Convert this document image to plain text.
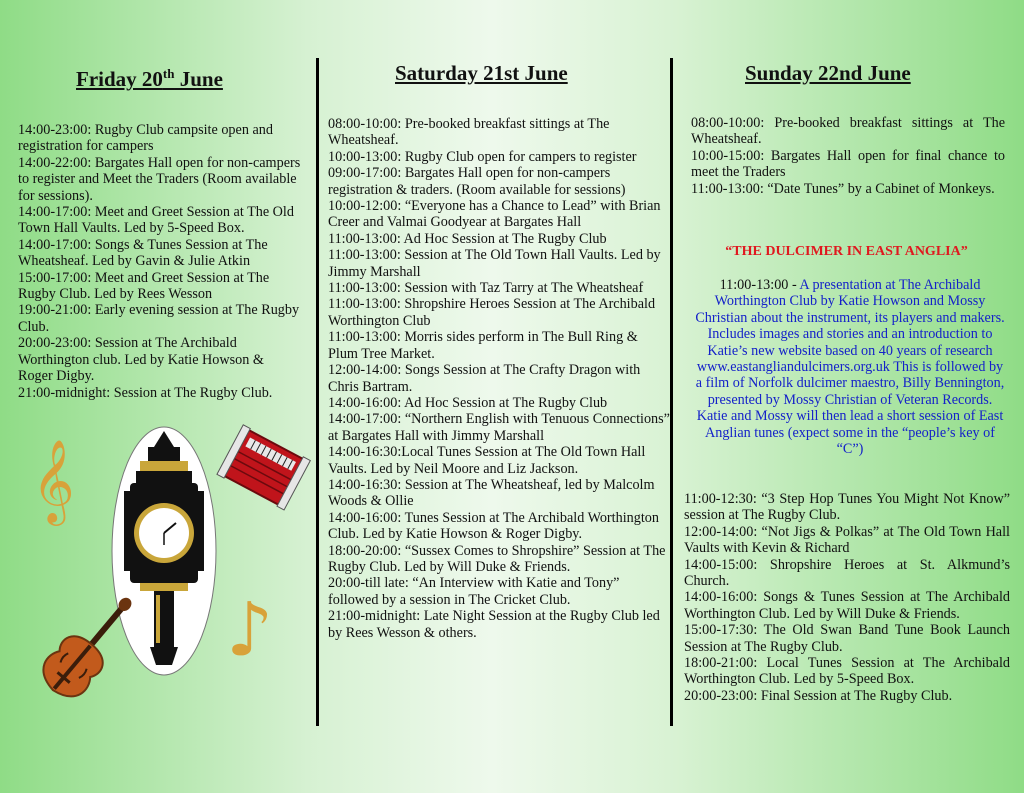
Friday 20th June
14:00-23:00: Rugby Club campsite open and registration for campers
14:00-22:00: Bargates Hall open for non-campers to register and Meet the Traders (Room available for sessions).
14:00-17:00: Meet and Greet Session at The Old Town Hall Vaults. Led by 5-Speed Box.
14:00-17:00: Songs & Tunes Session at The Wheatsheaf. Led by Gavin & Julie Atkin
15:00-17:00: Meet and Greet Session at The Rugby Club. Led by Rees Wesson
19:00-21:00: Early evening session at The Rugby Club.
20:00-23:00: Session at The Archibald Worthington club. Led by Katie Howson & Roger Digby.
21:00-midnight: Session at The Rugby Club.
Saturday 21st June
08:00-10:00: Pre-booked breakfast sittings at The Wheatsheaf.
10:00-13:00: Rugby Club open for campers to register
09:00-17:00: Bargates Hall open for non-campers registration & traders. (Room available for sessions)
10:00-12:00: “Everyone has a Chance to Lead” with Brian Creer and Valmai Goodyear at Bargates Hall
11:00-13:00: Ad Hoc Session at The Rugby Club
11:00-13:00: Session at The Old Town Hall Vaults. Led by Jimmy Marshall
11:00-13:00: Session with Taz Tarry at The Wheatsheaf
11:00-13:00: Shropshire Heroes Session at The Archibald Worthington Club
11:00-13:00: Morris sides perform in The Bull Ring & Plum Tree Market.
12:00-14:00: Songs Session at The Crafty Dragon with Chris Bartram.
14:00-16:00: Ad Hoc Session at The Rugby Club
14:00-17:00: “Northern English with Tenuous Connections” at Bargates Hall with Jimmy Marshall
14:00-16:30:Local Tunes Session at The Old Town Hall Vaults. Led by Neil Moore and Liz Jackson.
14:00-16:30: Session at The Wheatsheaf, led by Malcolm Woods & Ollie
14:00-16:00: Tunes Session at The Archibald Worthington Club. Led by Katie Howson & Roger Digby.
18:00-20:00: “Sussex Comes to Shropshire” Session at The Rugby Club. Led by Will Duke & Friends.
20:00-till late: “An Interview with Katie and Tony” followed by a session in The Cricket Club.
21:00-midnight: Late Night Session at the Rugby Club led by Rees Wesson & others.
Sunday 22nd June
08:00-10:00: Pre-booked breakfast sittings at The Wheatsheaf.
10:00-15:00: Bargates Hall open for final chance to meet the Traders
11:00-13:00: “Date Tunes” by a Cabinet of Monkeys.
“THE DULCIMER IN EAST ANGLIA”
11:00-13:00 - A presentation at The Archibald Worthington Club by Katie Howson and Mossy Christian about the instrument, its players and makers. Includes images and stories and an introduction to Katie’s new website based on 40 years of research www.eastangliandulcimers.org.uk This is followed by a film of Norfolk dulcimer maestro, Billy Bennington, presented by Mossy Christian of Veteran Records.
Katie and Mossy will then lead a short session of East Anglian tunes (expect some in the “people’s key of “C”)
11:00-12:30: “3 Step Hop Tunes You Might Not Know” session at The Rugby Club.
12:00-14:00: “Not Jigs & Polkas” at The Old Town Hall Vaults with Kevin & Richard
14:00-15:00: Shropshire Heroes at St. Alkmund’s Church.
14:00-16:00: Songs & Tunes Session at The Archibald Worthington Club. Led by Will Duke & Friends.
15:00-17:30: The Old Swan Band Tune Book Launch Session at The Rugby Club.
18:00-21:00: Local Tunes Session at The Archibald Worthington Club. Led by 5-Speed Box.
20:00-23:00: Final Session at The Rugby Club.
𝄞
♪
